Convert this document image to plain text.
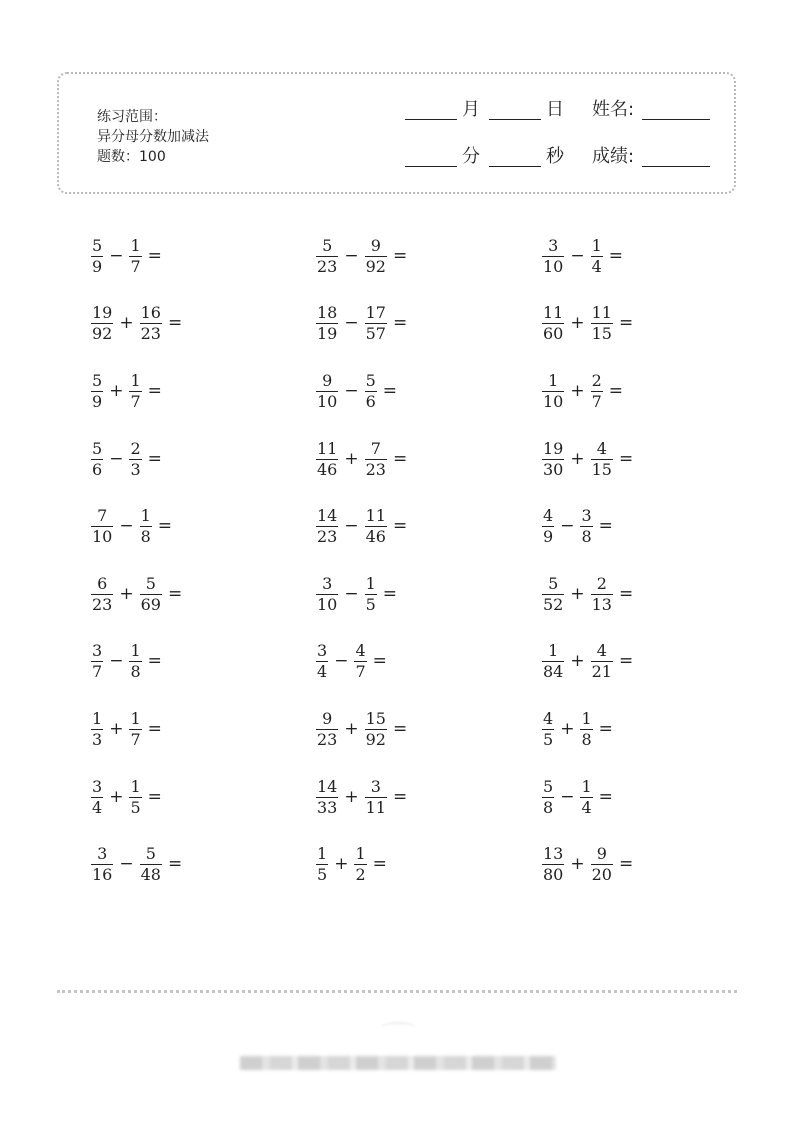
练习范围：
异分母分数加减法
题数：100
月	日 姓名:
分	秒 成绩:
$\frac{5}{9} - \frac{1}{7}$ =
$\frac{19}{92} + \frac{16}{23}$ =
$\frac{5}{9} + \frac{1}{7}$ =
$\frac{5}{6} - \frac{2}{3}$ =
$\frac{7}{10} - \frac{1}{8}$ =
$\frac{6}{23} + \frac{5}{69}$ =
$\frac{3}{7} - \frac{1}{8}$ =
$\frac{1}{3} + \frac{1}{7}$ =
$\frac{3}{4} + \frac{1}{5}$ =
$\frac{3}{16} - \frac{5}{48}$ =
$\frac{5}{23} - \frac{9}{92}$ =
$\frac{18}{19} - \frac{17}{57}$ =
$\frac{9}{10} - \frac{5}{6}$ =
$\frac{11}{46} + \frac{7}{23}$ =
$\frac{14}{23} - \frac{11}{46}$ =
$\frac{3}{10} - \frac{1}{5}$ =
$\frac{3}{4} - \frac{4}{7}$ =
$\frac{9}{23} + \frac{15}{92}$ =
$\frac{14}{33} + \frac{3}{11}$ =
$\frac{1}{5} + \frac{1}{2}$ =
$\frac{3}{10} - \frac{1}{4}$ =
$\frac{11}{60} + \frac{11}{15}$ =
$\frac{1}{10} + \frac{2}{7}$ =
$\frac{19}{30} + \frac{4}{15}$ =
$\frac{4}{9} - \frac{3}{8}$ =
$\frac{5}{52} + \frac{2}{13}$ =
$\frac{1}{84} + \frac{4}{21}$ =
$\frac{4}{5} + \frac{1}{8}$ =
$\frac{5}{8} - \frac{1}{4}$ =
$\frac{13}{80} + \frac{9}{20}$ =
